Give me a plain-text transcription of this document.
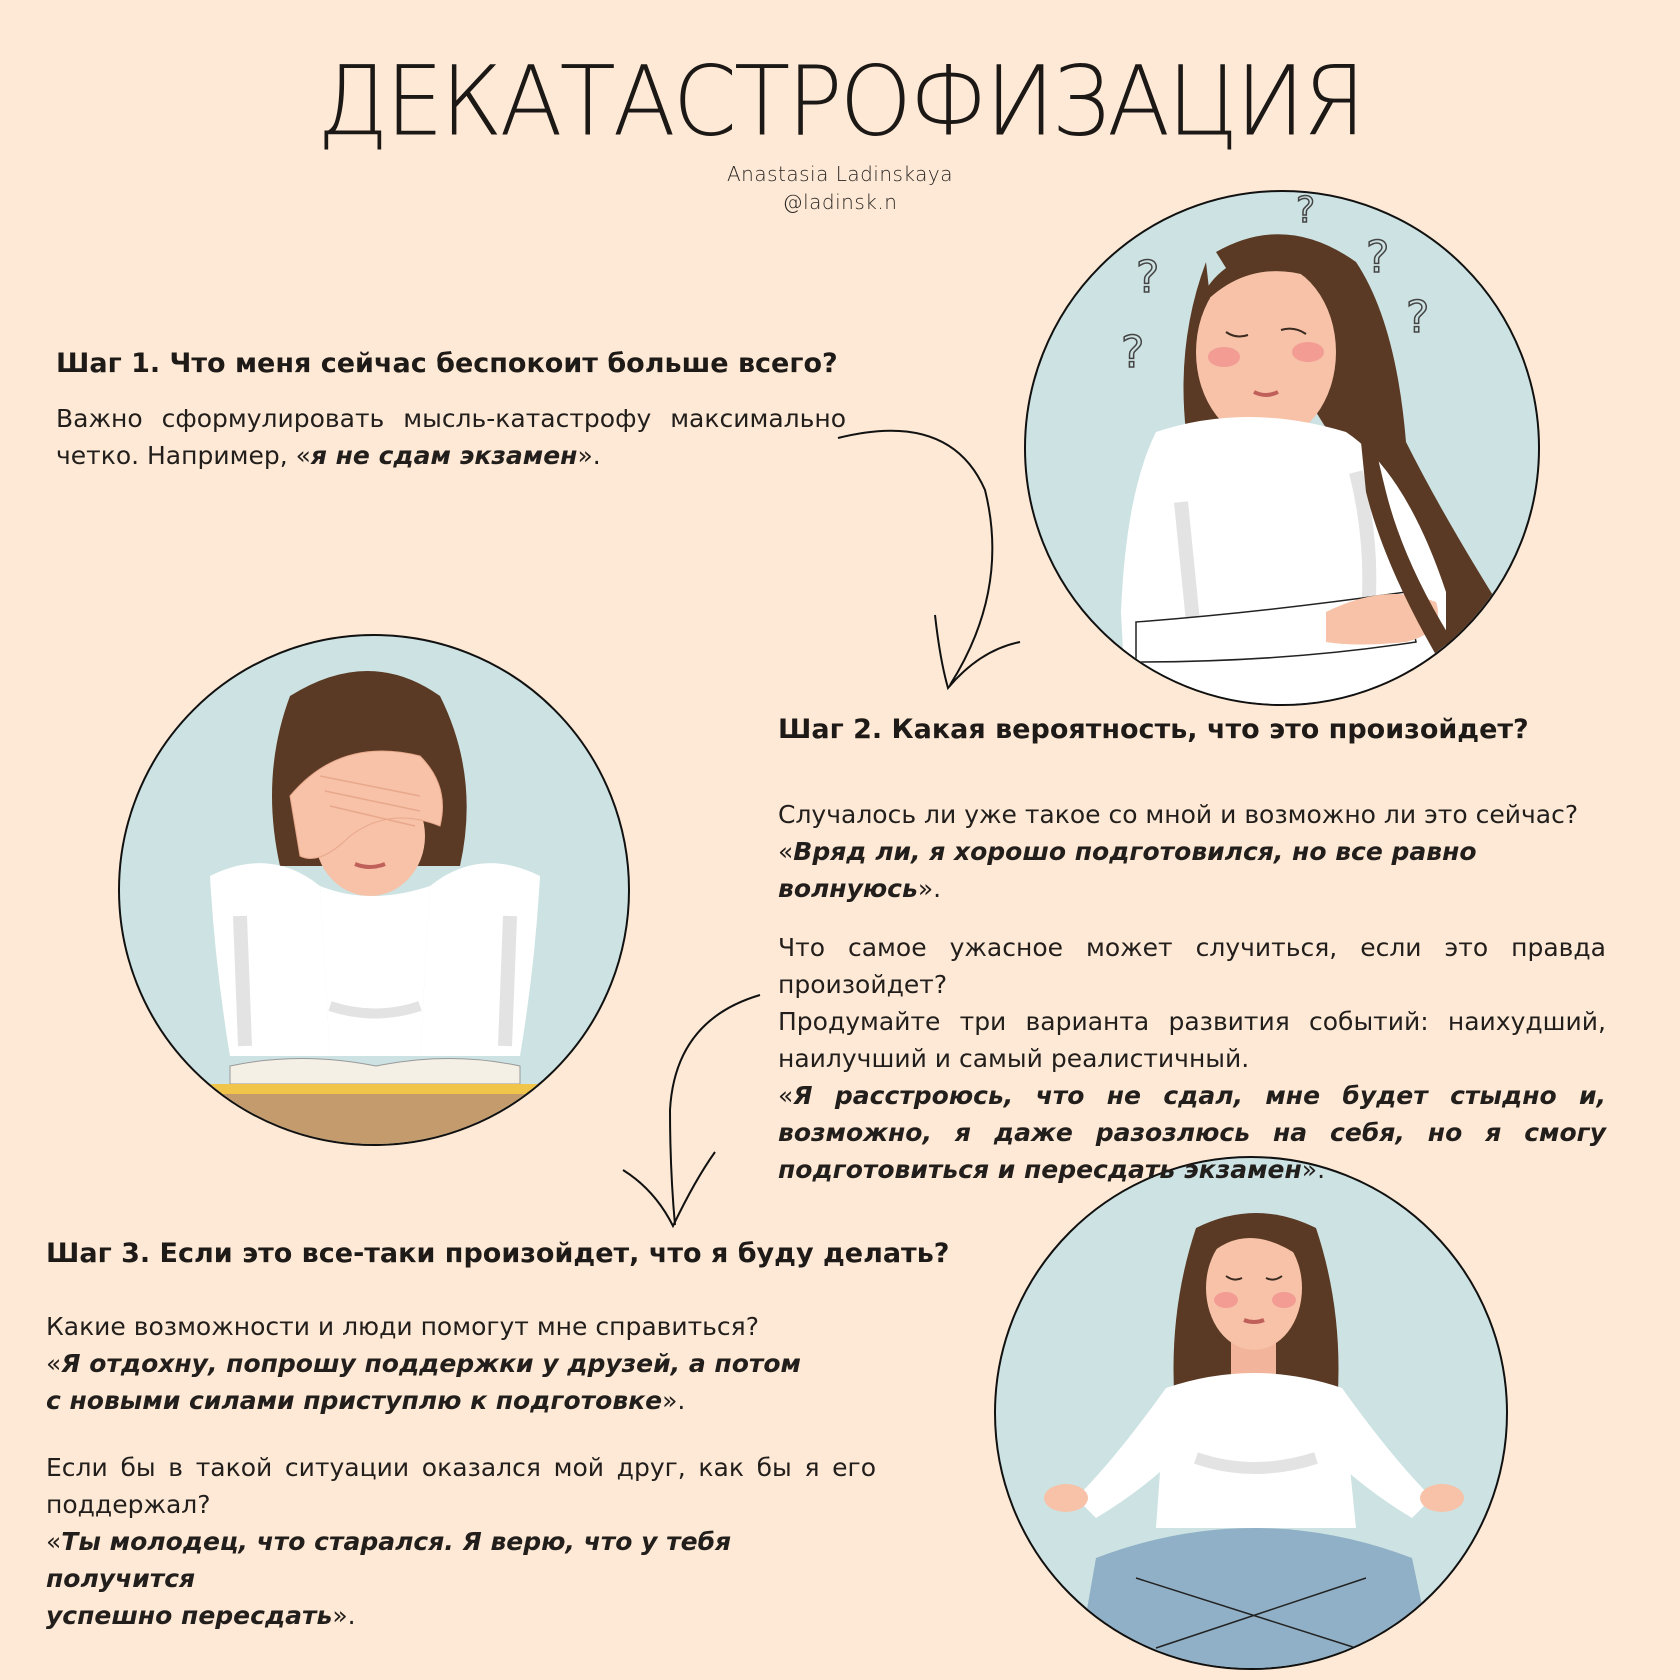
ДЕКАТАСТРОФИЗАЦИЯ
Anastasia Ladinskaya
@ladinsk.n
?
?
?
?
?
Шаг 1. Что меня сейчас беспокоит больше всего?

Важно сформулировать мысль-катастрофу максимально

четко. Например, «я не сдам экзамен».

Шаг 2. Какая вероятность, что это произойдет?

Случалось ли уже такое со мной и возможно ли это сейчас?

«Вряд ли, я хорошо подготовился, но все равно волнуюсь».

Что самое ужасное может случиться, если это правда произойдет?

Продумайте три варианта развития событий: наихудший, наилучший и самый реалистичный.

«Я расстроюсь, что не сдал, мне будет стыдно и, возможно, я даже разозлюсь на себя, но я смогу подготовиться и пересдать экзамен».

Шаг 3. Если это все-таки произойдет, что я буду делать?

Какие возможности и люди помогут мне справиться?

«Я отдохну, попрошу поддержки у друзей, а потом

с новыми силами приступлю к подготовке».

Если бы в такой ситуации оказался мой друг, как бы я его поддержал?

«Ты молодец, что старался. Я верю, что у тебя получится

успешно пересдать».
